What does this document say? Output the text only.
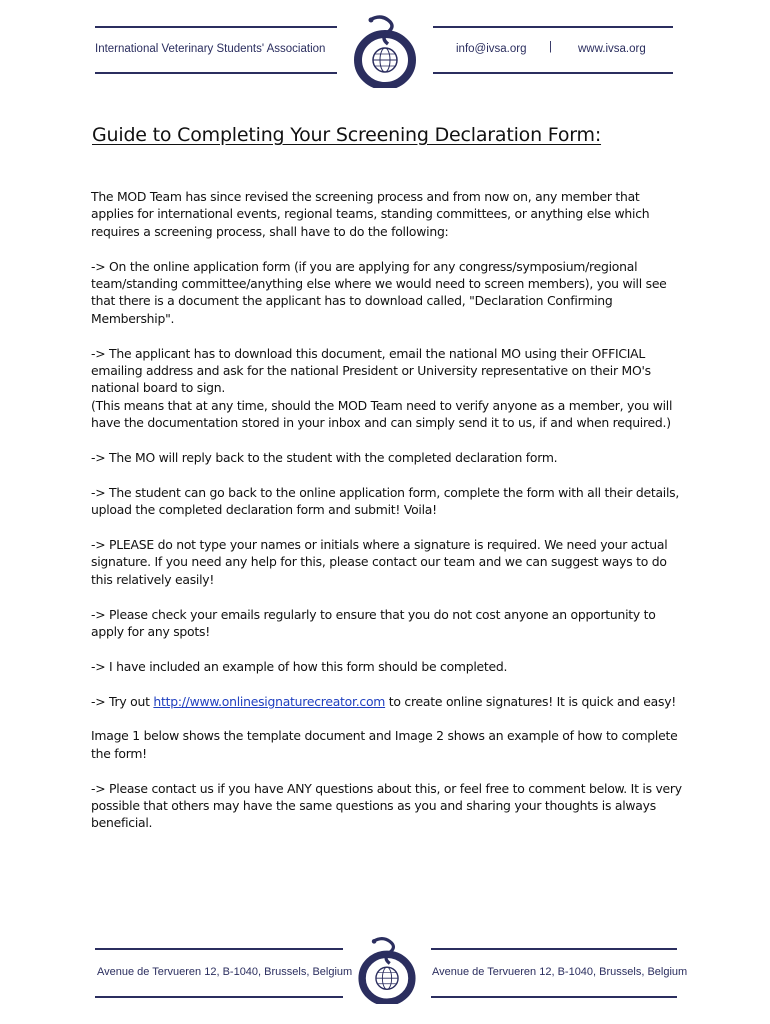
International Veterinary Students' Association	info@ivsa.org | www.ivsa.org
Guide to Completing Your Screening Declaration Form:

The MOD Team has since revised the screening process and from now on, any member that applies for international events, regional teams, standing committees, or anything else which requires a screening process, shall have to do the following:

-> On the online application form (if you are applying for any congress/symposium/regional team/standing committee/anything else where we would need to screen members), you will see that there is a document the applicant has to download called, "Declaration Confirming Membership".

-> The applicant has to download this document, email the national MO using their OFFICIAL emailing address and ask for the national President or University representative on their MO's national board to sign.

(This means that at any time, should the MOD Team need to verify anyone as a member, you will have the documentation stored in your inbox and can simply send it to us, if and when required.)

-> The MO will reply back to the student with the completed declaration form.

-> The student can go back to the online application form, complete the form with all their details, upload the completed declaration form and submit! Voila!

-> PLEASE do not type your names or initials where a signature is required. We need your actual signature. If you need any help for this, please contact our team and we can suggest ways to do this relatively easily!

-> Please check your emails regularly to ensure that you do not cost anyone an opportunity to apply for any spots!

-> I have included an example of how this form should be completed.

-> Try out http://www.onlinesignaturecreator.com to create online signatures! It is quick and easy!

Image 1 below shows the template document and Image 2 shows an example of how to complete the form!

-> Please contact us if you have ANY questions about this, or feel free to comment below. It is very possible that others may have the same questions as you and sharing your thoughts is always beneficial.

Avenue de Tervueren 12, B-1040, Brussels, Belgium	Avenue de Tervueren 12, B-1040, Brussels, Belgium
